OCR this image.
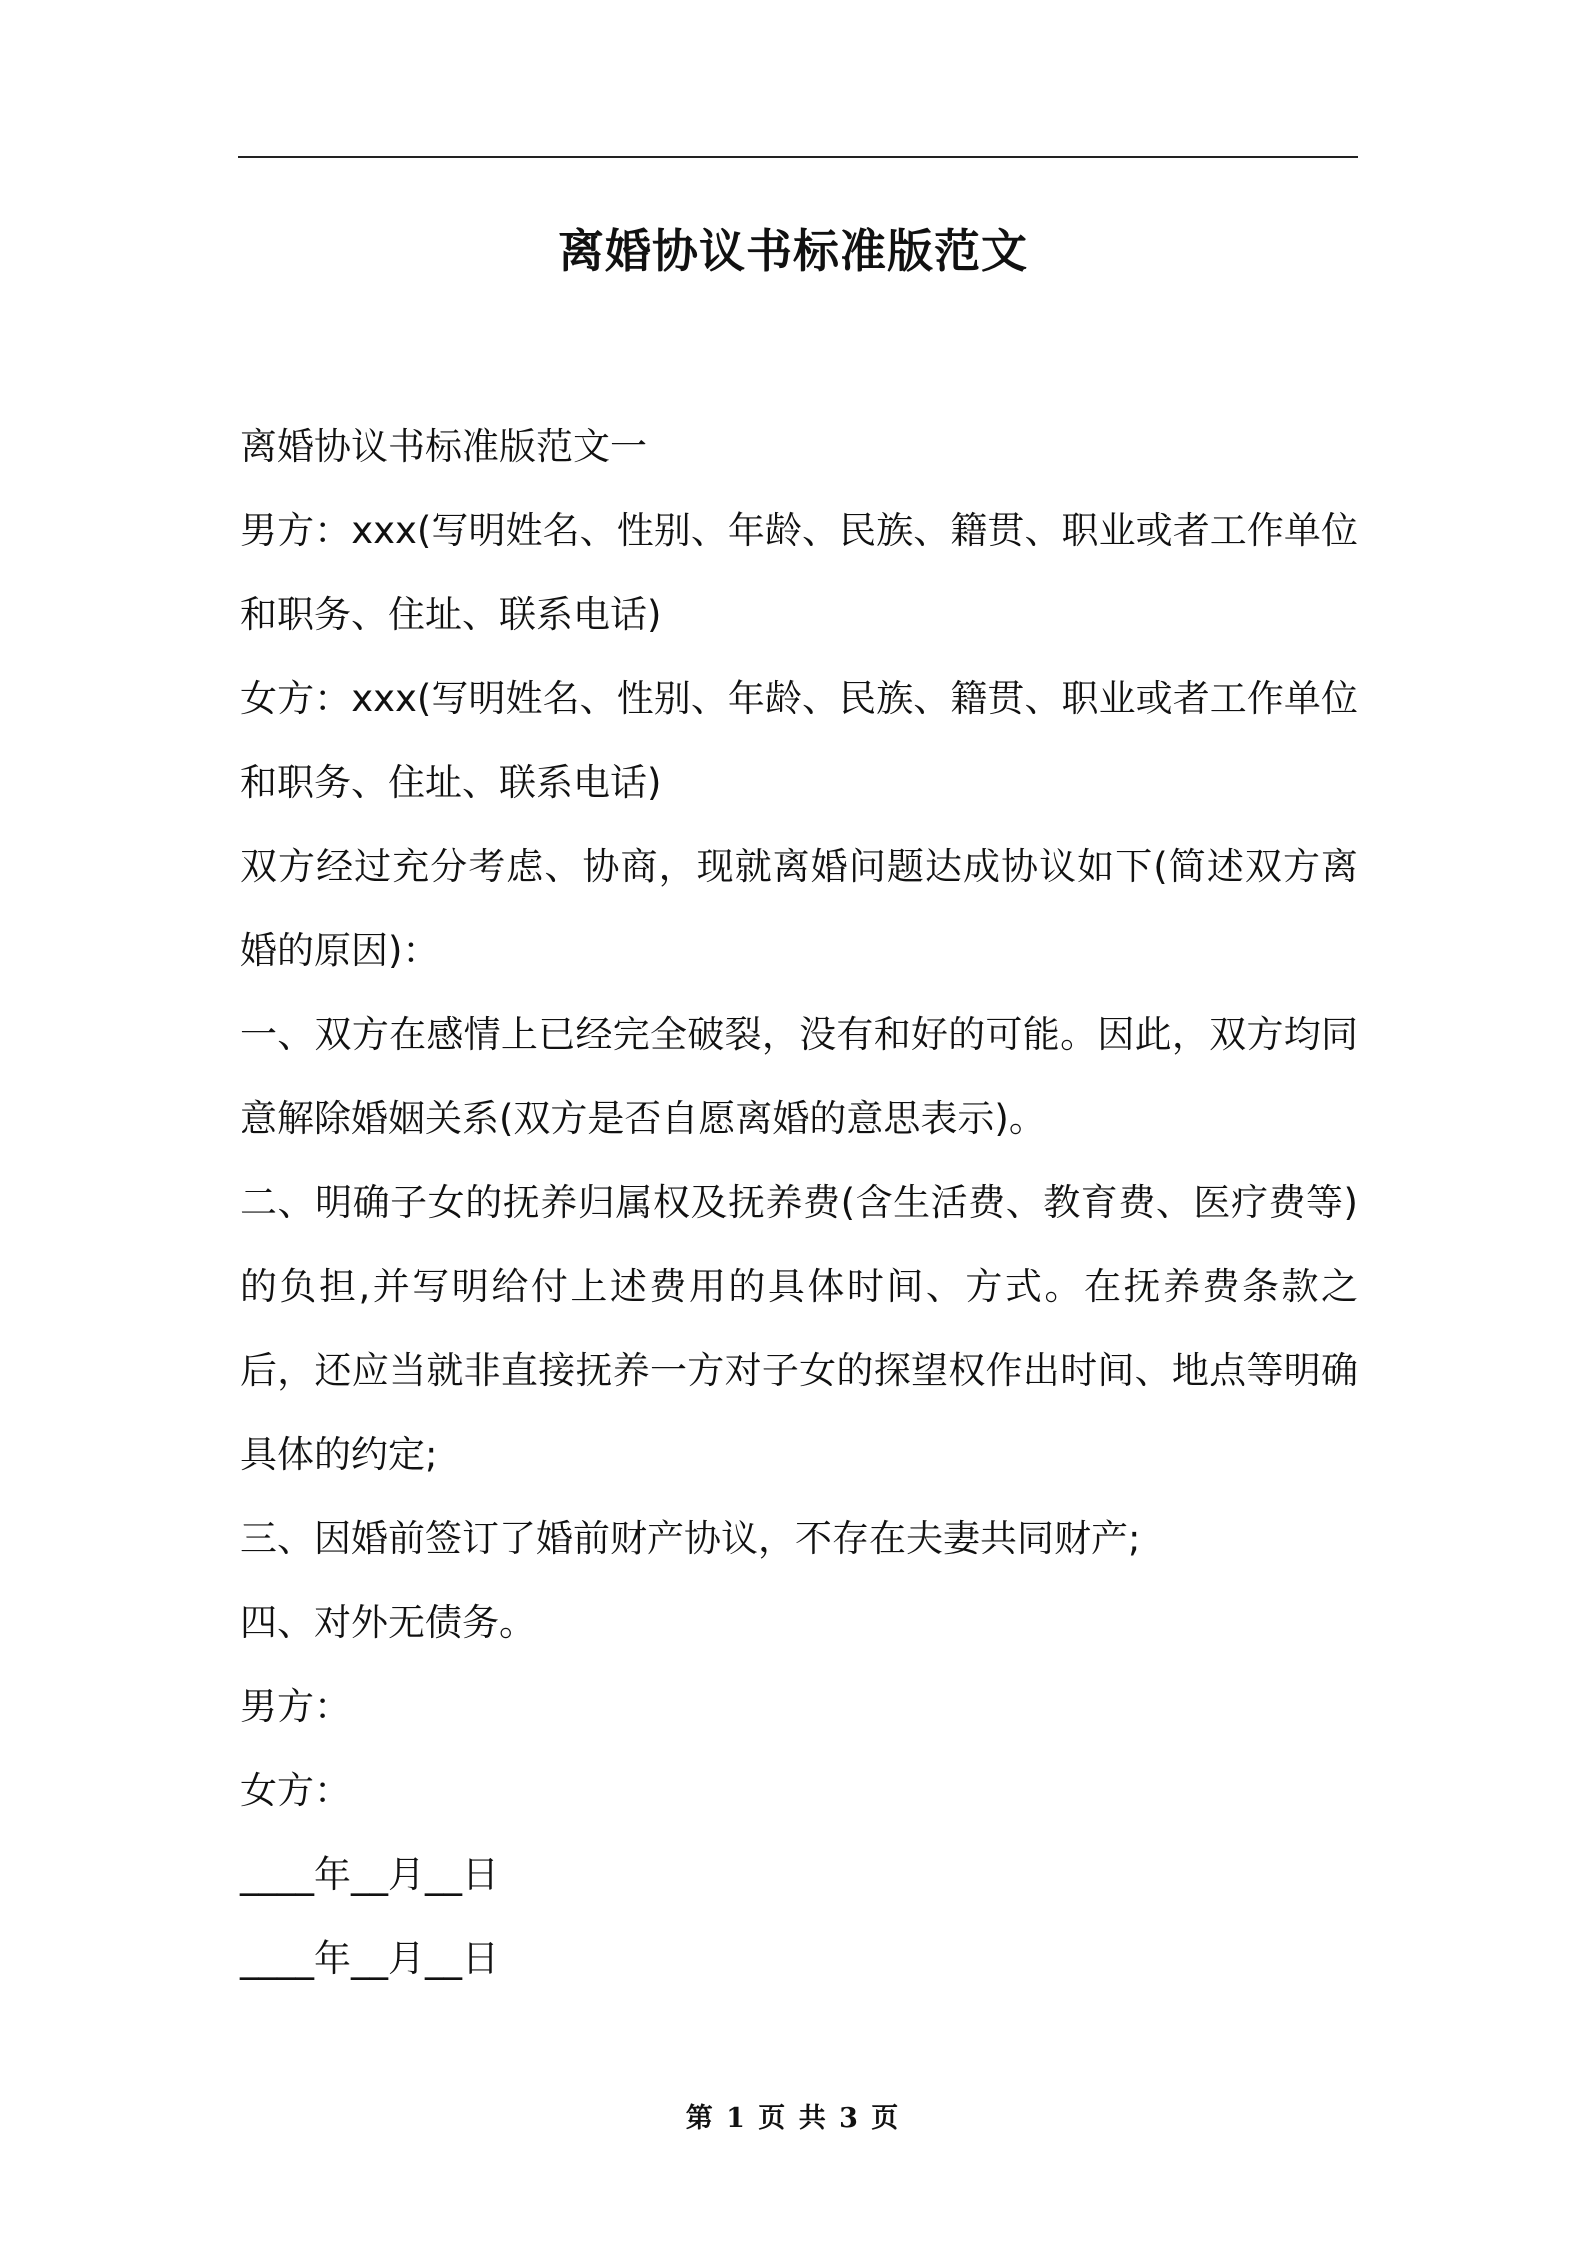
离婚协议书标准版范文

离婚协议书标准版范文一

男方：xxx(写明姓名、性别、年龄、民族、籍贯、职业或者工作单位和职务、住址、联系电话)

女方：xxx(写明姓名、性别、年龄、民族、籍贯、职业或者工作单位和职务、住址、联系电话)

双方经过充分考虑、协商，现就离婚问题达成协议如下(简述双方离婚的原因)：

一、双方在感情上已经完全破裂，没有和好的可能。因此，双方均同意解除婚姻关系(双方是否自愿离婚的意思表示)。

二、明确子女的抚养归属权及抚养费(含生活费、教育费、医疗费等)的负担,并写明给付上述费用的具体时间、方式。在抚养费条款之后，还应当就非直接抚养一方对子女的探望权作出时间、地点等明确具体的约定;

三、因婚前签订了婚前财产协议，不存在夫妻共同财产;

四、对外无债务。

男方：

女方：

____年__月__日

____年__月__日

第 1 页 共 3 页
